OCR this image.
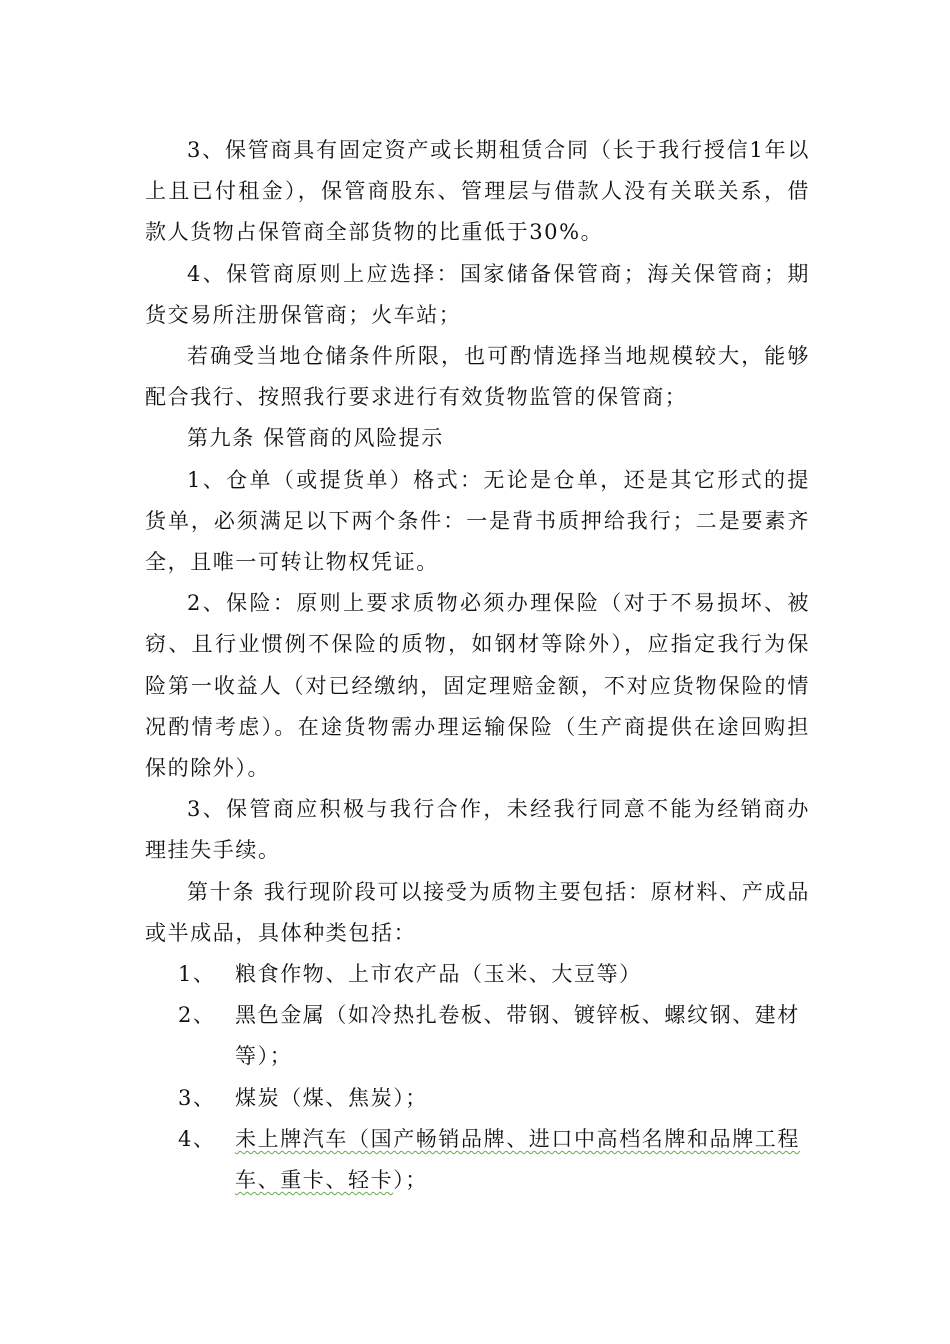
3、保管商具有固定资产或长期租赁合同（长于我行授信1年以上且已付租金），保管商股东、管理层与借款人没有关联关系，借款人货物占保管商全部货物的比重低于30%。

4、保管商原则上应选择：国家储备保管商；海关保管商；期货交易所注册保管商；火车站；

若确受当地仓储条件所限，也可酌情选择当地规模较大，能够配合我行、按照我行要求进行有效货物监管的保管商；

第九条 保管商的风险提示

1、仓单（或提货单）格式：无论是仓单，还是其它形式的提货单，必须满足以下两个条件：一是背书质押给我行；二是要素齐全，且唯一可转让物权凭证。

2、保险：原则上要求质物必须办理保险（对于不易损坏、被窃、且行业惯例不保险的质物，如钢材等除外），应指定我行为保险第一收益人（对已经缴纳，固定理赔金额，不对应货物保险的情况酌情考虑）。在途货物需办理运输保险（生产商提供在途回购担保的除外）。

3、保管商应积极与我行合作，未经我行同意不能为经销商办理挂失手续。

第十条 我行现阶段可以接受为质物主要包括：原材料、产成品或半成品，具体种类包括：

1、 粮食作物、上市农产品（玉米、大豆等）
2、 黑色金属（如冷热扎卷板、带钢、镀锌板、螺纹钢、建材等）；
3、 煤炭（煤、焦炭）；
4、 未上牌汽车（国产畅销品牌、进口中高档名牌和品牌工程车、重卡、轻卡）；
